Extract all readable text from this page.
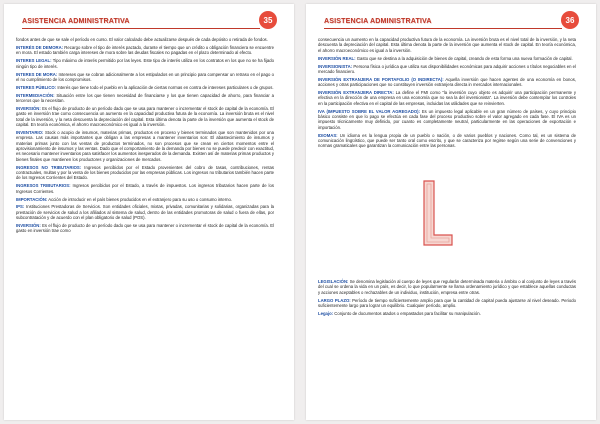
ASISTENCIA ADMINISTRATIVA	35

fondos antes de que se sale el período en curso. El valor calculado debe actualizarse después de cada depósito o retirada de fondos.

INTERÉS DE DEMORA: Recargo sobre el tipo de interés pactado, durante el tiempo que un crédito u obligación financiera se encuentre en mora. El estado también carga intereses de mora sobre las deudas fiscales no pagadas en el plazo determinado al efecto.

INTERES LEGAL: Tipo máximo de interés permitido por las leyes. Este tipo de interés utiliza en los contratos en los que no se ha fijado ningún tipo de interés.

INTERES DE MORA: Intereses que se cobran adicionalmente a los estipulados en un principio para compensar un retraso en el pago o el no cumplimiento de los compromisos.

INTERES PÚBLICO: Interés que tiene todo el pueblo en la aplicación de ciertas normas en contra de intereses particulares o de grupos.

INTERMEDIACIÓN: Situación entre los que tienen necesidad de financiarse y los que tienen capacidad de ahorro, para financiar a terceros que la necesitan.

INVERSIÓN: Es el flujo de producto de un período dado que se usa para mantener o incrementar el stock de capital de la economía. El gasto en inversión trae como consecuencia un aumento en la capacidad productiva futura de la economía. La inversión bruta es el nivel total de la inversión, y la neta descuenta la depreciación del capital. Esta última denota la parte de la inversión que aumenta el stock de capital. En teoría económica, el ahorro macroeconómico es igual a la inversión.

INVENTARIO: Stock o acopio de insumos, materias primas, productos en proceso y bienes terminados que son mantenidos por una empresa. Las causas más importantes que obligan a las empresas a mantener inventarios son: El abastecimiento de insumos y materias primas junto con las ventas de productos terminados, no son procesos que se crean en ciertos momentos entre el aprovisionamiento de insumos y las ventas. Dado que el comportamiento de la demanda por bienes no se puede predecir con exactitud, es necesario mantener inventarios para satisfacer los aumentos inesperados de la demanda. Existen así de materias primas productos y bienes finales que mantienen los productores y organizaciones de mercados.

INGRESOS NO TRIBUTARIOS: Ingresos percibidos por el Estado provenientes del cobro de tasas, contribuciones, rentas contractuales, multas y por la venta de los bienes producidos por las empresas públicas. Los ingresos no tributarios también hacen parte de los Ingresos Corrientes del Estado.

INGRESOS TRIBUTARIOS: Ingresos percibidos por el Estado, a través de impuestos. Los ingresos tributarios hacen parte de los Ingresos Corrientes.

IMPORTACIÓN: Acción de introducir en el país bienes producidos en el extranjero para su uso o consumo interno.

IPS: Instituciones Prestadoras de Servicios. Son entidades oficiales, mixtas, privadas, comunitarias y solidarias, organizadas para la prestación de servicios de salud a los afiliados al sistema de salud, dentro de las entidades promotoras de salud o fuera de ellas, por subcontratación y de acuerdo con el plan obligatorio de salud (POS).

INVERSIÓN: Es el flujo de producto de un período dado que se usa para mantener o incrementar el stock de capital de la economía. El gasto en inversión trae como

ASISTENCIA ADMINISTRATIVA	36

consecuencia un aumento en la capacidad productiva futura de la economía. La inversión bruta es el nivel total de la inversión, y la neta descuenta la depreciación del capital. Esta última denota la parte de la inversión que aumenta el stock de capital. En teoría económica, el ahorro macroeconómico es igual a la inversión.

INVERSIÓN REAL: Gasto que se destina a la adquisición de bienes de capital, creando de esta forma una nueva formación de capital.

INVERSIONISTA: Persona física o jurídica que utiliza sus disponibilidades económicas para adquirir acciones o títulos negociables en el mercado financiero.

INVERSIÓN EXTRANJERA DE PORTAFOLIO (O INDIRECTA): Aquella inversión que hacen agentes de una economía en bonos, acciones y otras participaciones que no constituyen inversión extranjera directa in mercados internacionales.

INVERSIÓN EXTRANJERA DIRECTA: La define el FMI como "la inversión cuyo objeto es adquirir una participación permanente y efectiva en la dirección de una empresa en una economía que no sea la del inversionista". La inversión debe contemplar los controles en la participación efectiva en el capital de las empresas, incluidas las utilidades que se reinvierten.

IVA (IMPUESTO SOBRE EL VALOR AGREGADO): Es un impuesto legal aplicable en un gran número de países, y cuyo principio básico consiste en que lo pago se efectúa en cada fase del proceso productivo sobre el valor agregado en cada fase. El IVA es un impuesto técnicamente muy definido, por cuanto es completamente neutral, particularmente en las operaciones de exportación e importación.

IDIOMAS: Un idioma es la lengua propia de un pueblo o nación, o de varios pueblos y naciones. Como tal, es un sistema de comunicación lingüístico, que puede ser tanto oral como escrito, y que se caracteriza por regirse según una serie de convenciones y normas gramaticales que garantizan la comunicación entre las personas.

L

LEGISLACIÓN: Se denomina legislación al cuerpo de leyes que regularán determinada materia o ámbito o al conjunto de leyes a través del cual se ordena la vida en un país, es decir, lo que popularmente se llama ordenamiento jurídico y que establece aquellas conductas y acciones aceptables o rechazables de un individuo, institución, empresa entre otras.

LARGO PLAZO: Período de tiempo suficientemente amplio para que la cantidad de capital pueda ajustarse al nivel deseado. Periodo suficientemente largo para lograr un equilibrio. Cualquier período, amplio.

Legajo: Conjunto de documentos atados o empastados para facilitar su manipulación.
